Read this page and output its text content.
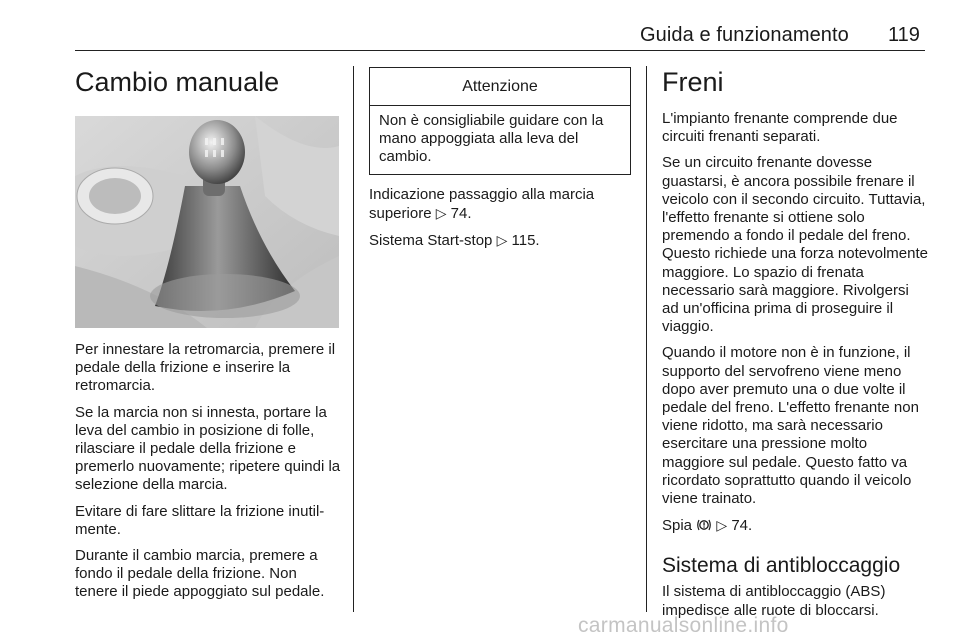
Guida e funzionamento 119
Cambio manuale

Per innestare la retromarcia, premere il pedale della frizione e inserire la retromarcia.

Se la marcia non si innesta, portare la leva del cambio in posizione di folle, rilasciare il pedale della frizione e premerlo nuovamente; ripetere quindi la selezione della marcia.

Evitare di fare slittare la frizione inutil-mente.

Durante il cambio marcia, premere a fondo il pedale della frizione. Non tenere il piede appoggiato sul pedale.

Attenzione
Non è consigliabile guidare con la mano appoggiata alla leva del cambio.

Indicazione passaggio alla marcia superiore ▷ 74.

Sistema Start-stop ▷ 115.

Freni

L'impianto frenante comprende due circuiti frenanti separati.

Se un circuito frenante dovesse guastarsi, è ancora possibile frenare il veicolo con il secondo circuito. Tuttavia, l'effetto frenante si ottiene solo premendo a fondo il pedale del freno. Questo richiede una forza notevolmente maggiore. Lo spazio di frenata necessario sarà maggiore. Rivolgersi ad un'officina prima di proseguire il viaggio.

Quando il motore non è in funzione, il supporto del servofreno viene meno dopo aver premuto una o due volte il pedale del freno. L'effetto frenante non viene ridotto, ma sarà necessario esercitare una pressione molto maggiore sul pedale. Questo fatto va ricordato soprattutto quando il veicolo viene trainato.

Spia ▷ 74.

Sistema di antibloccaggio

Il sistema di antibloccaggio (ABS) impedisce alle ruote di bloccarsi.

carmanualsonline.info
